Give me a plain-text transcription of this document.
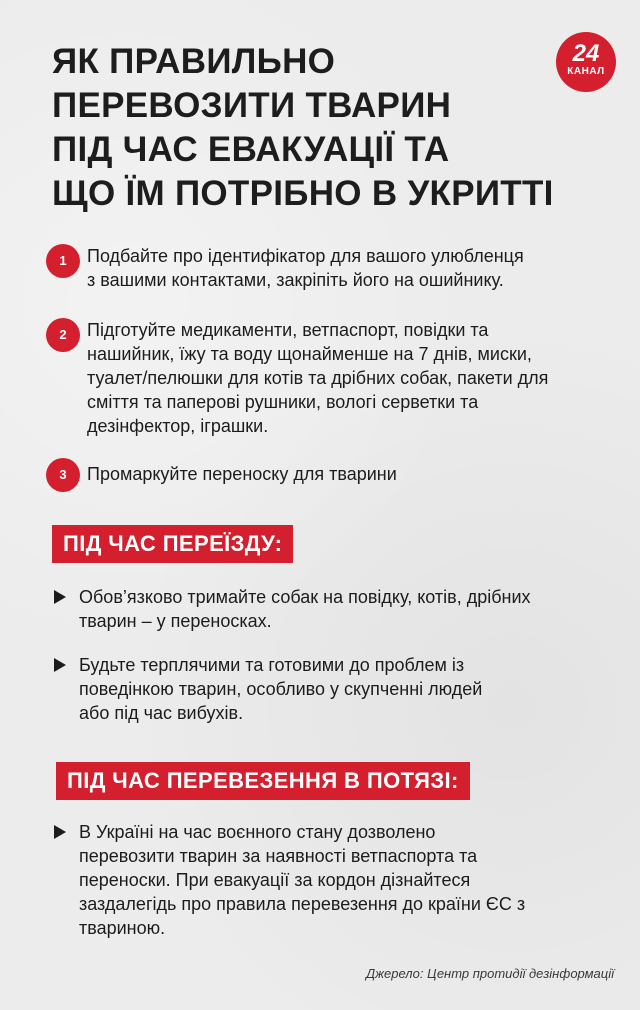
ЯК ПРАВИЛЬНО
ПЕРЕВОЗИТИ ТВАРИН
ПІД ЧАС ЕВАКУАЦІЇ ТА
ЩО ЇМ ПОТРІБНО В УКРИТТІ
24
КАНАЛ
1	Подбайте про ідентифікатор для вашого улюбленця
з вашими контактами, закріпіть його на ошийнику.
2	Підготуйте медикаменти, ветпаспорт, повідки та
нашийник, їжу та воду щонайменше на 7 днів, миски,
туалет/пелюшки для котів та дрібних собак, пакети для
сміття та паперові рушники, вологі серветки та
дезінфектор, іграшки.
3	Промаркуйте переноску для тварини
ПІД ЧАС ПЕРЕЇЗДУ:
Обов’язково тримайте собак на повідку, котів, дрібних
тварин – у переносках.
Будьте терплячими та готовими до проблем із
поведінкою тварин, особливо у скупченні людей
або під час вибухів.
ПІД ЧАС ПЕРЕВЕЗЕННЯ В ПОТЯЗІ:
В Україні на час воєнного стану дозволено
перевозити тварин за наявності ветпаспорта та
переноски. При евакуації за кордон дізнайтеся
заздалегідь про правила перевезення до країни ЄС з
твариною.
Джерело: Центр протидії дезінформації
